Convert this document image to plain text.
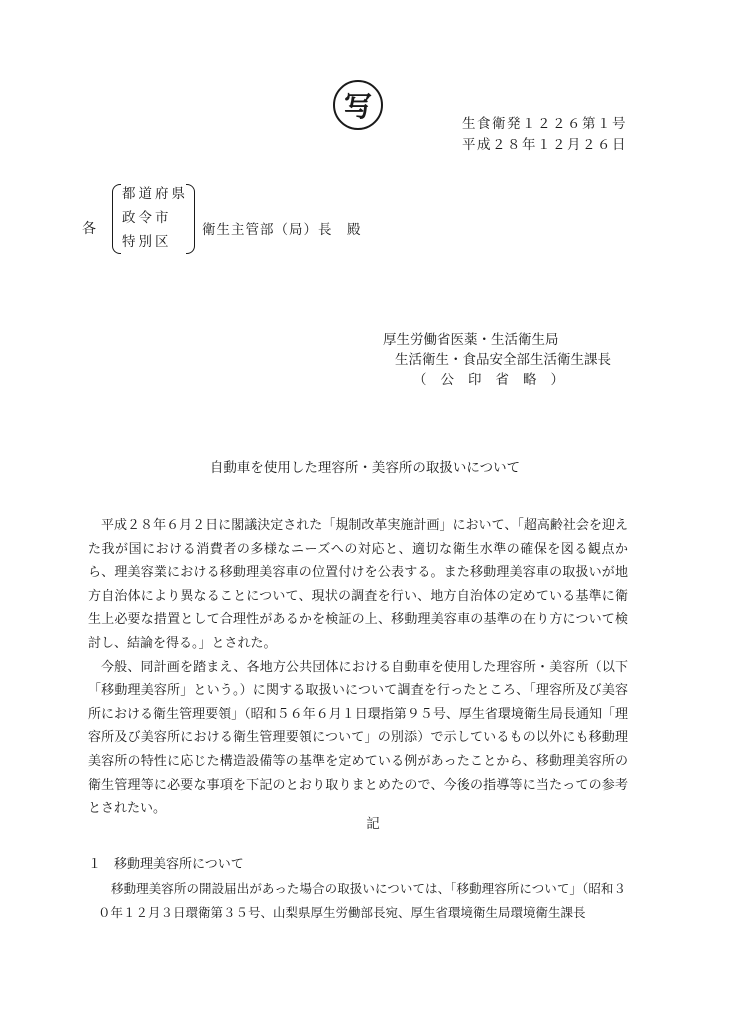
写
生食衛発１２２６第１号
平成２８年１２月２６日
各
都道府県
政令市
特別区
衛生主管部（局）長　殿
厚生労働省医薬・生活衛生局
生活衛生・食品安全部生活衛生課長
（公印省略）
自動車を使用した理容所・美容所の取扱いについて

平成２８年６月２日に閣議決定された「規制改革実施計画」において、「超高齢社会を迎えた我が国における消費者の多様なニーズへの対応と、適切な衛生水準の確保を図る観点から、理美容業における移動理美容車の位置付けを公表する。また移動理美容車の取扱いが地方自治体により異なることについて、現状の調査を行い、地方自治体の定めている基準に衛生上必要な措置として合理性があるかを検証の上、移動理美容車の基準の在り方について検討し、結論を得る。」とされた。

今般、同計画を踏まえ、各地方公共団体における自動車を使用した理容所・美容所（以下「移動理美容所」という。）に関する取扱いについて調査を行ったところ、「理容所及び美容所における衛生管理要領」（昭和５６年６月１日環指第９５号、厚生省環境衛生局長通知「理容所及び美容所における衛生管理要領について」の別添）で示しているもの以外にも移動理美容所の特性に応じた構造設備等の基準を定めている例があったことから、移動理美容所の衛生管理等に必要な事項を下記のとおり取りまとめたので、今後の指導等に当たっての参考とされたい。

記
１　移動理美容所について

移動理美容所の開設届出があった場合の取扱いについては、「移動理容所について」（昭和３０年１２月３日環衛第３５号、山梨県厚生労働部長宛、厚生省環境衛生局環境衛生課長
